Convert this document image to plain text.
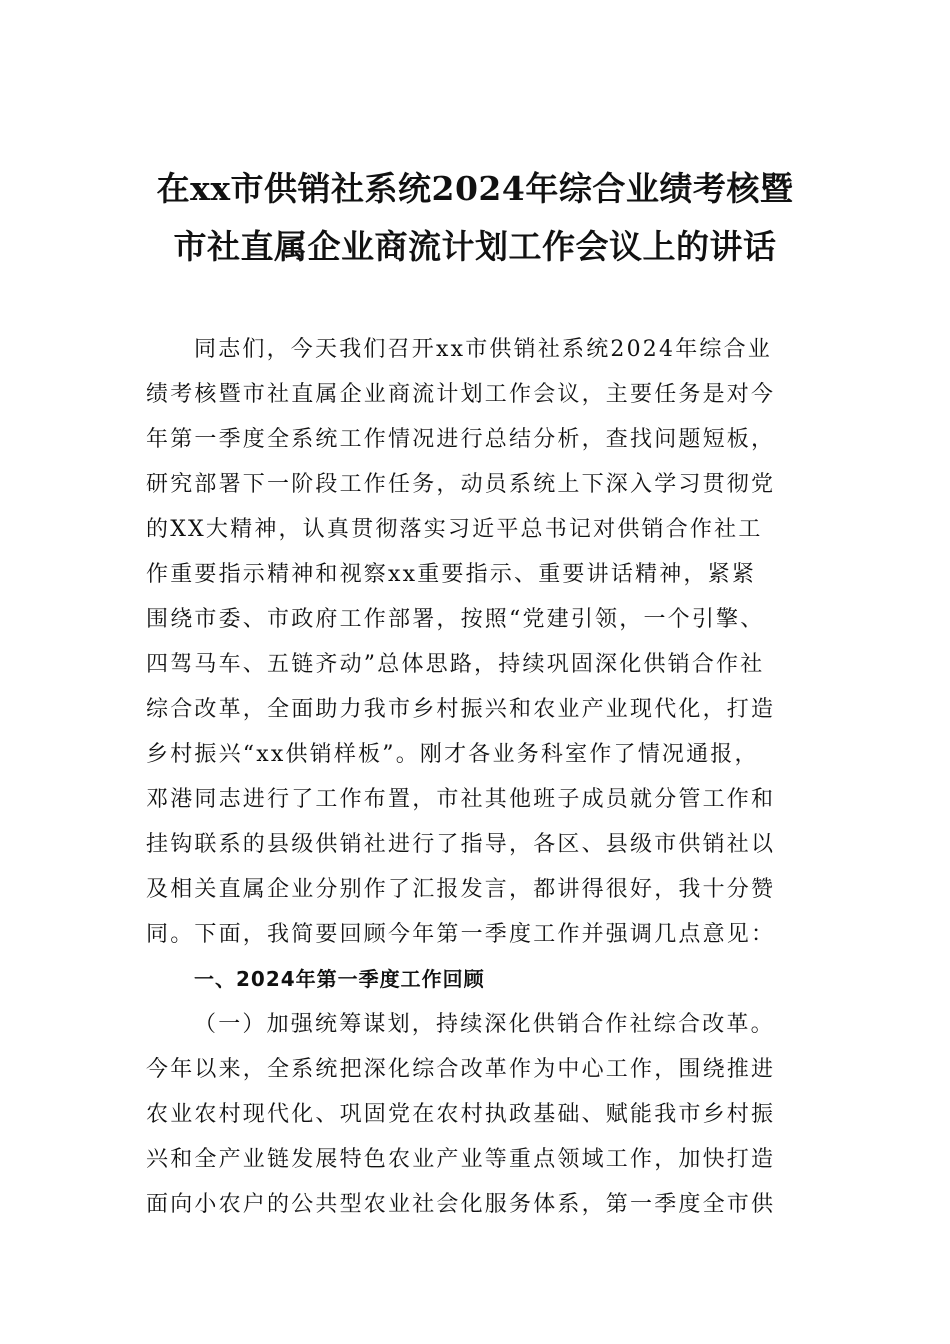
在xx市供销社系统2024年综合业绩考核暨
市社直属企业商流计划工作会议上的讲话
同志们，今天我们召开xx市供销社系统2024年综合业
绩考核暨市社直属企业商流计划工作会议，主要任务是对今
年第一季度全系统工作情况进行总结分析，查找问题短板，
研究部署下一阶段工作任务，动员系统上下深入学习贯彻党
的XX大精神，认真贯彻落实习近平总书记对供销合作社工
作重要指示精神和视察xx重要指示、重要讲话精神，紧紧
围绕市委、市政府工作部署，按照“党建引领，一个引擎、
四驾马车、五链齐动”总体思路，持续巩固深化供销合作社
综合改革，全面助力我市乡村振兴和农业产业现代化，打造
乡村振兴“xx供销样板”。刚才各业务科室作了情况通报，
邓港同志进行了工作布置，市社其他班子成员就分管工作和
挂钩联系的县级供销社进行了指导，各区、县级市供销社以
及相关直属企业分别作了汇报发言，都讲得很好，我十分赞
同。下面，我简要回顾今年第一季度工作并强调几点意见：
一、2024年第一季度工作回顾
（一）加强统筹谋划，持续深化供销合作社综合改革。
今年以来，全系统把深化综合改革作为中心工作，围绕推进
农业农村现代化、巩固党在农村执政基础、赋能我市乡村振
兴和全产业链发展特色农业产业等重点领域工作，加快打造
面向小农户的公共型农业社会化服务体系，第一季度全市供
